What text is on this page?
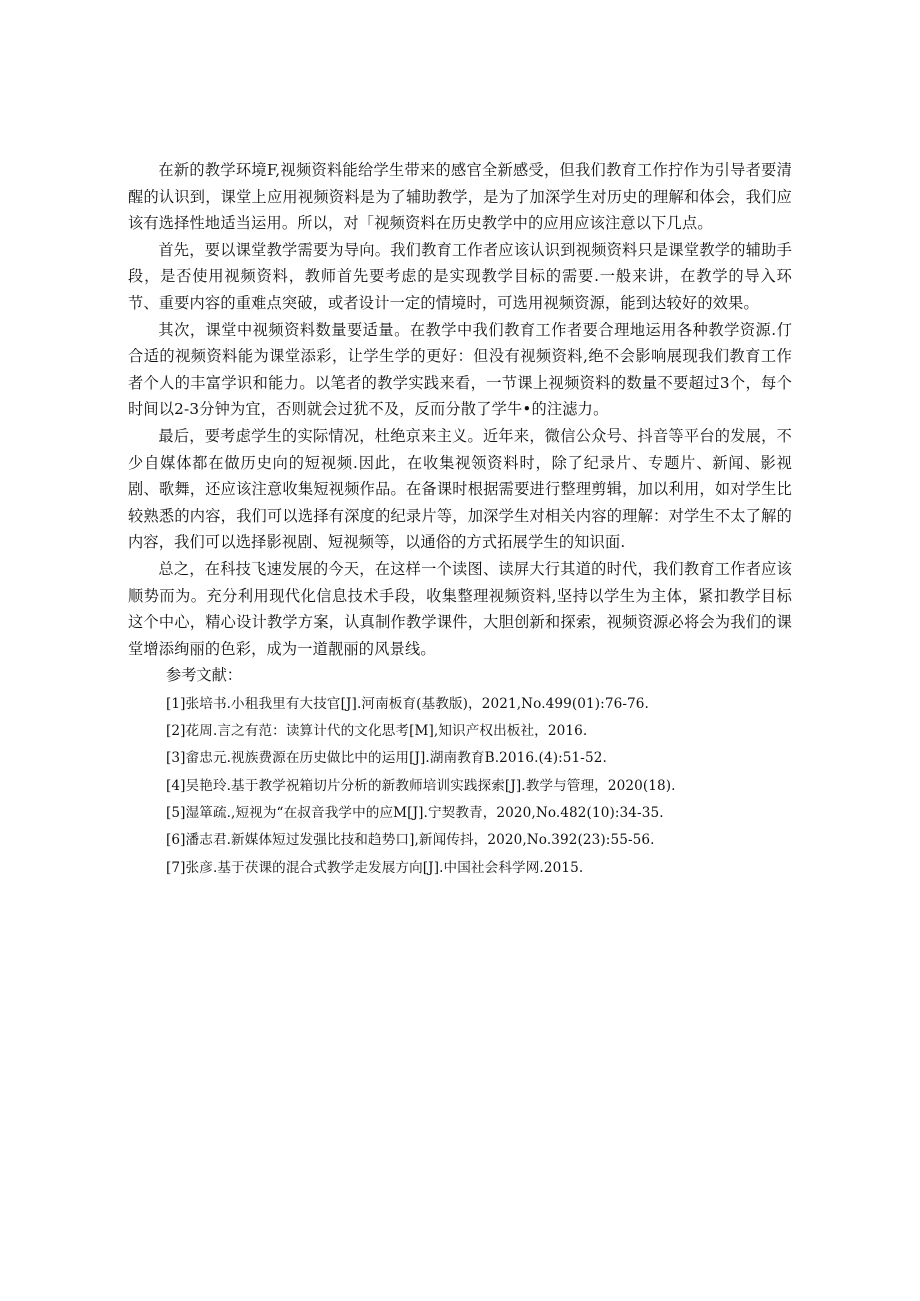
在新的教学环境F,视频资料能给学生带来的感官全新感受，但我们教育工作拧作为引导者要清醒的认识到，课堂上应用视频资料是为了辅助教学，是为了加深学生对历史的理解和体会，我们应该有选择性地适当运用。所以，对「视频资料在历史教学中的应用应该注意以下几点。

首先，要以课堂教学需要为导向。我们教育工作者应该认识到视频资料只是课堂教学的辅助手段，是否使用视频资料，教师首先要考虑的是实现教学目标的需要.一般来讲，在教学的导入环节、重要内容的重难点突破，或者设计一定的情境时，可选用视频资源，能到达较好的效果。

其次，课堂中视频资料数量要适量。在教学中我们教育工作者要合理地运用各种教学资源.仃合适的视频资料能为课堂添彩，让学生学的更好：但没有视频资料,绝不会影响展现我们教育工作者个人的丰富学识和能力。以笔者的教学实践来看，一节课上视频资料的数量不要超过3个，每个时间以2-3分钟为宜，否则就会过犹不及，反而分散了学牛•的注滤力。

最后，要考虑学生的实际情况，杜绝京来主义。近年来，微信公众号、抖音等平台的发展，不少自媒体都在做历史向的短视频.因此，在收集视领资料时，除了纪录片、专题片、新闻、影视剧、歌舞，还应该注意收集短视频作品。在备课时根据需要进行整理剪辑，加以利用，如对学生比较熟悉的内容，我们可以选择有深度的纪录片等，加深学生对相关内容的理解：对学生不太了解的内容，我们可以选择影视剧、短视频等，以通俗的方式拓展学生的知识面.

总之，在科技飞速发展的今天，在这样一个读图、读屏大行其道的时代，我们教育工作者应该顺势而为。充分利用现代化信息技术手段，收集整理视频资料,坚持以学生为主体，紧扣教学目标这个中心，精心设计教学方案，认真制作教学课件，大胆创新和探索，视频资源必将会为我们的课堂增添绚丽的色彩，成为一道靓丽的风景线。

参考文献：

[1]张培书.小租我里有大技官[J].河南板育(基教版)，2021,No.499(01):76-76.
[2]花周.言之有范：读算计代的文化思考[M],知识产权出板社，2016.
[3]畲忠元.视族费源在历史做比中的运用[J].湖南教育B.2016.(4):51-52.
[4]吴艳玲.基于教学祝箱切片分析的新教师培训实践探索[J].教学与管理，2020(18).
[5]湿箪疏.,短视为“在叔音我学中的应M[J].宁契教青，2020,No.482(10):34-35.
[6]潘志君.新媒体短过发强比技和趋势口],新闻传抖，2020,No.392(23):55-56.
[7]张彦.基于茯课的混合式教学走发展方向[J].中国社会科学网.2015.
